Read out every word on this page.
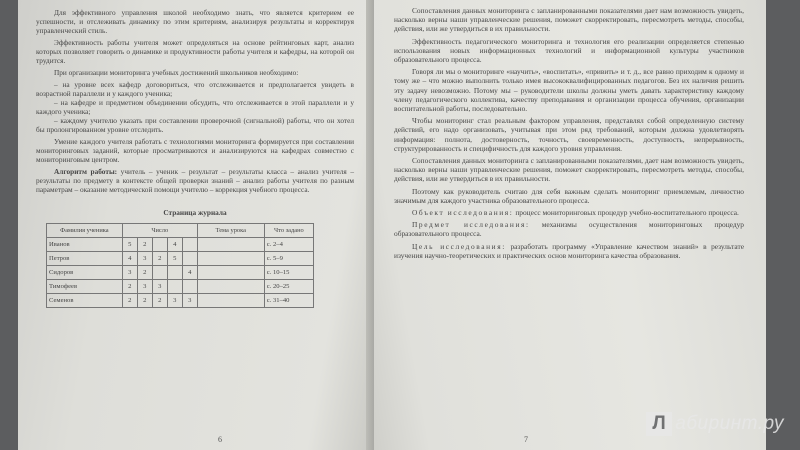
Для эффективного управления школой необходимо знать, что является критерием ее успешности, и отслеживать динамику по этим критериям, анализируя результаты и корректируя управленческий стиль.

Эффективность работы учителя может определяться на основе рейтинговых карт, анализ которых позволяет говорить о динамике и продуктивности работы учителя и кафедры, на которой он трудится.

При организации мониторинга учебных достижений школьников необходимо:

– на уровне всех кафедр договориться, что отслеживается и предполагается увидеть в возрастной параллели и у каждого ученика;

– на кафедре и предметном объединении обсудить, что отслеживается в этой параллели и у каждого ученика;

– каждому учителю указать при составлении проверочной (сигнальной) работы, что он хотел бы пролонгированном уровне отследить.

Умение каждого учителя работать с технологиями мониторинга формируется при составлении мониторинговых заданий, которые просматриваются и анализируются на кафедрах совместно с мониторинговым центром.

Алгоритм работы: учитель – ученик – результат – результаты класса – анализ учителя – результаты по предмету в контексте общей проверки знаний – анализ работы учителя по разным параметрам – оказание методической помощи учителю – коррекция учебного процесса.

Страница журнала

Фамилия ученика	Число					Тема урока	Что задано
Иванов	5	2		4			с. 2–4
Петров	4	3	2	5			с. 5–9
Сидоров	3	2			4		с. 10–15
Тимофеев	2	3	3				с. 20–25
Семенов	2	2	2	3	3		с. 31–40
6

Сопоставления данных мониторинга с запланированными показателями дает нам возможность увидеть, насколько верны наши управленческие решения, поможет скорректировать, пересмотреть методы, способы, действия, или же утвердиться в их правильности.

Эффективность педагогического мониторинга и технология его реализации определяется степенью использования новых информационных технологий и информационной культуры участников образовательного процесса.

Говоря ли мы о мониторинге «научить», «воспитать», «привить» и т. д., все равно приходим к одному и тому же – что можно выполнить только имея высококвалифицированных педагогов. Без их наличия решить эту задачу невозможно. Потому мы – руководители школы должны уметь давать характеристику каждому члену педагогического коллектива, качеству преподавания и организации процесса обучения, организации воспитательной работы, последовательно.

Чтобы мониторинг стал реальным фактором управления, представлял собой определенную систему действий, его надо организовать, учитывая при этом ряд требований, которым должна удовлетворять информация: полнота, достоверность, точность, своевременность, доступность, непрерывность, структурированность и специфичность для каждого уровня управления.

Сопоставления данных мониторинга с запланированными показателями, дает нам возможность увидеть, насколько верны наши управленческие решения, поможет скорректировать, пересмотреть методы, способы, действия, или же утвердиться в их правильности.

Поэтому как руководитель считаю для себя важным сделать мониторинг приемлемым, личностно значимым для каждого участника образовательного процесса.

Объект исследования: процесс мониторинговых процедур учебно-воспитательного процесса.

Предмет исследования: механизмы осуществления мониторинговых процедур образовательного процесса.

Цель исследования: разработать программу «Управление качеством знаний» в результате изучения научно-теоретических и практических основ мониторинга качества образования.

7
Л абиринт.ру
